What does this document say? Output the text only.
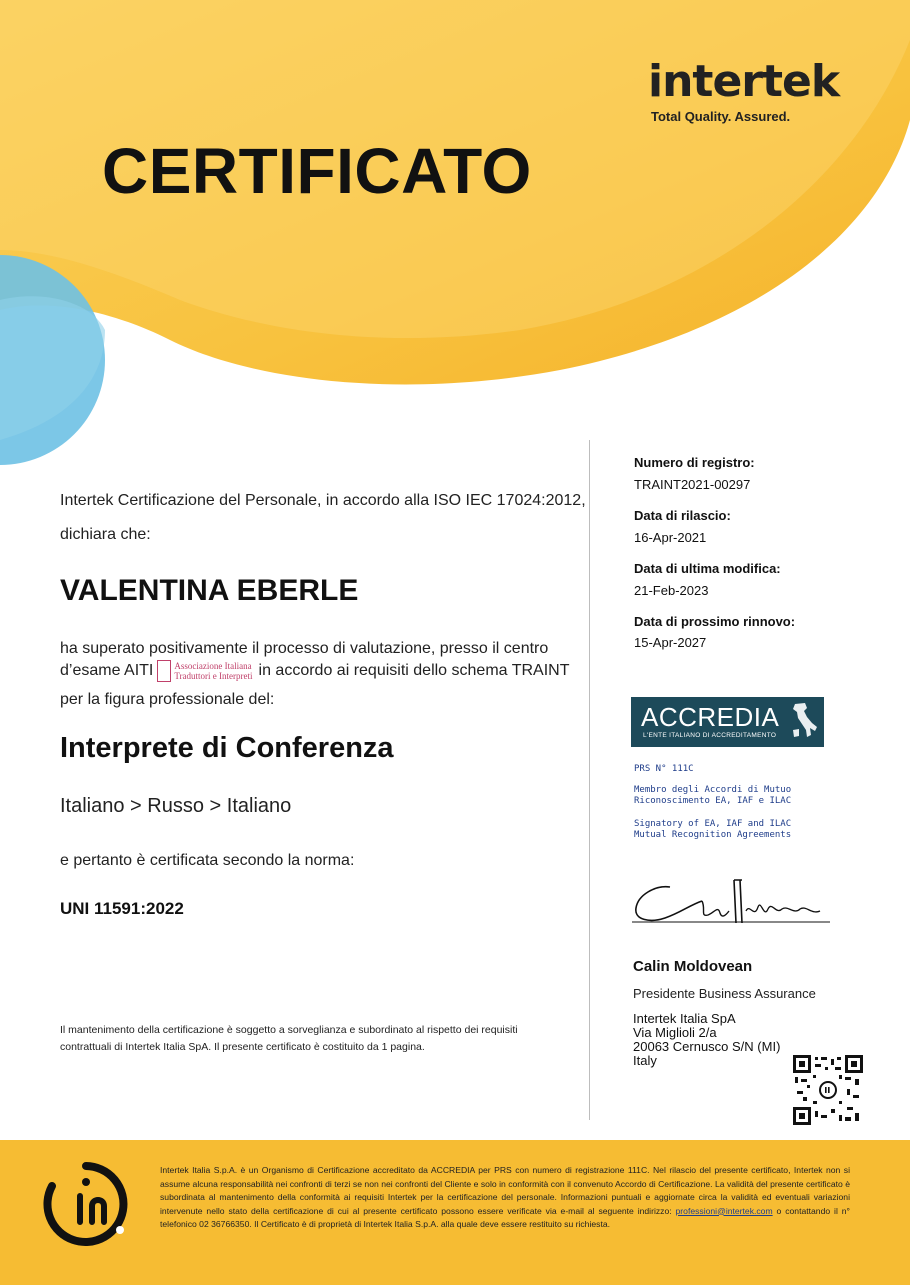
intertek
Total Quality. Assured.
CERTIFICATO
Intertek Certificazione del Personale, in accordo alla ISO IEC 17024:2012,
dichiara che:
VALENTINA EBERLE
ha superato positivamente il processo di valutazione, presso il centro
d’esame AITI Associazione Italiana
Traduttori e Interpreti in accordo ai requisiti dello schema TRAINT
per la figura professionale del:
Interprete di Conferenza
Italiano > Russo > Italiano
e pertanto è certificata secondo la norma:
UNI 11591:2022
Il mantenimento della certificazione è soggetto a sorveglianza e subordinato al rispetto dei requisiti contrattuali di Intertek Italia SpA. Il presente certificato è costituito da 1 pagina.
Numero di registro:
TRAINT2021-00297
Data di rilascio:
16-Apr-2021
Data di ultima modifica:
21-Feb-2023
Data di prossimo rinnovo:
15-Apr-2027
ACCREDIA
L'ENTE ITALIANO DI ACCREDITAMENTO
PRS N° 111C
Membro degli Accordi di Mutuo
Riconoscimento EA, IAF e ILAC
Signatory of EA, IAF and ILAC
Mutual Recognition Agreements
Calin Moldovean
Presidente Business Assurance
Intertek Italia SpA
Via Miglioli 2/a
20063 Cernusco S/N (MI)
Italy
Intertek Italia S.p.A. è un Organismo di Certificazione accreditato da ACCREDIA per PRS con numero di registrazione 111C. Nel rilascio del presente certificato, Intertek non si assume alcuna responsabilità nei confronti di terzi se non nei confronti del Cliente e solo in conformità con il convenuto Accordo di Certificazione. La validità del presente certificato è subordinata al mantenimento della conformità ai requisiti Intertek per la certificazione del personale. Informazioni puntuali e aggiornate circa la validità ed eventuali variazioni intervenute nello stato della certificazione di cui al presente certificato possono essere verificate via e-mail al seguente indirizzo: professioni@intertek.com o contattando il n° telefonico 02 36766350. Il Certificato è di proprietà di Intertek Italia S.p.A. alla quale deve essere restituito su richiesta.
